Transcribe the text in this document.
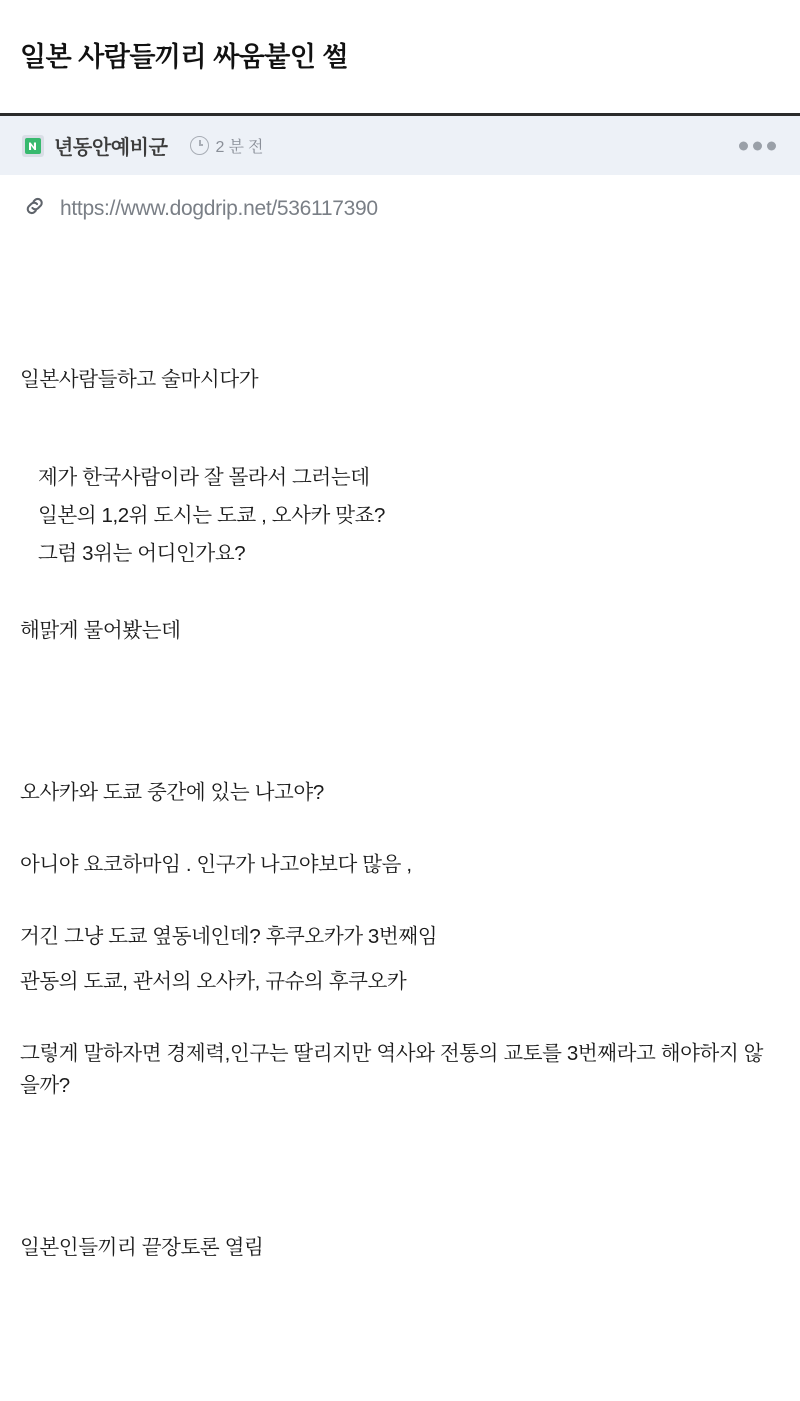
일본 사람들끼리 싸움붙인 썰
년동안예비군	2 분 전
https://www.dogdrip.net/536117390

일본사람들하고 술마시다가

제가 한국사람이라 잘 몰라서 그러는데

일본의 1,2위 도시는 도쿄 , 오사카 맞죠?

그럼 3위는 어디인가요?

해맑게 물어봤는데

오사카와 도쿄 중간에 있는 나고야?

아니야 요코하마임 . 인구가 나고야보다 많음 ,

거긴 그냥 도쿄 옆동네인데? 후쿠오카가 3번째임

관동의 도쿄, 관서의 오사카, 규슈의 후쿠오카

그렇게 말하자면 경제력,인구는 딸리지만 역사와 전통의 교토를 3번째라고 해야하지 않을까?

일본인들끼리 끝장토론 열림
